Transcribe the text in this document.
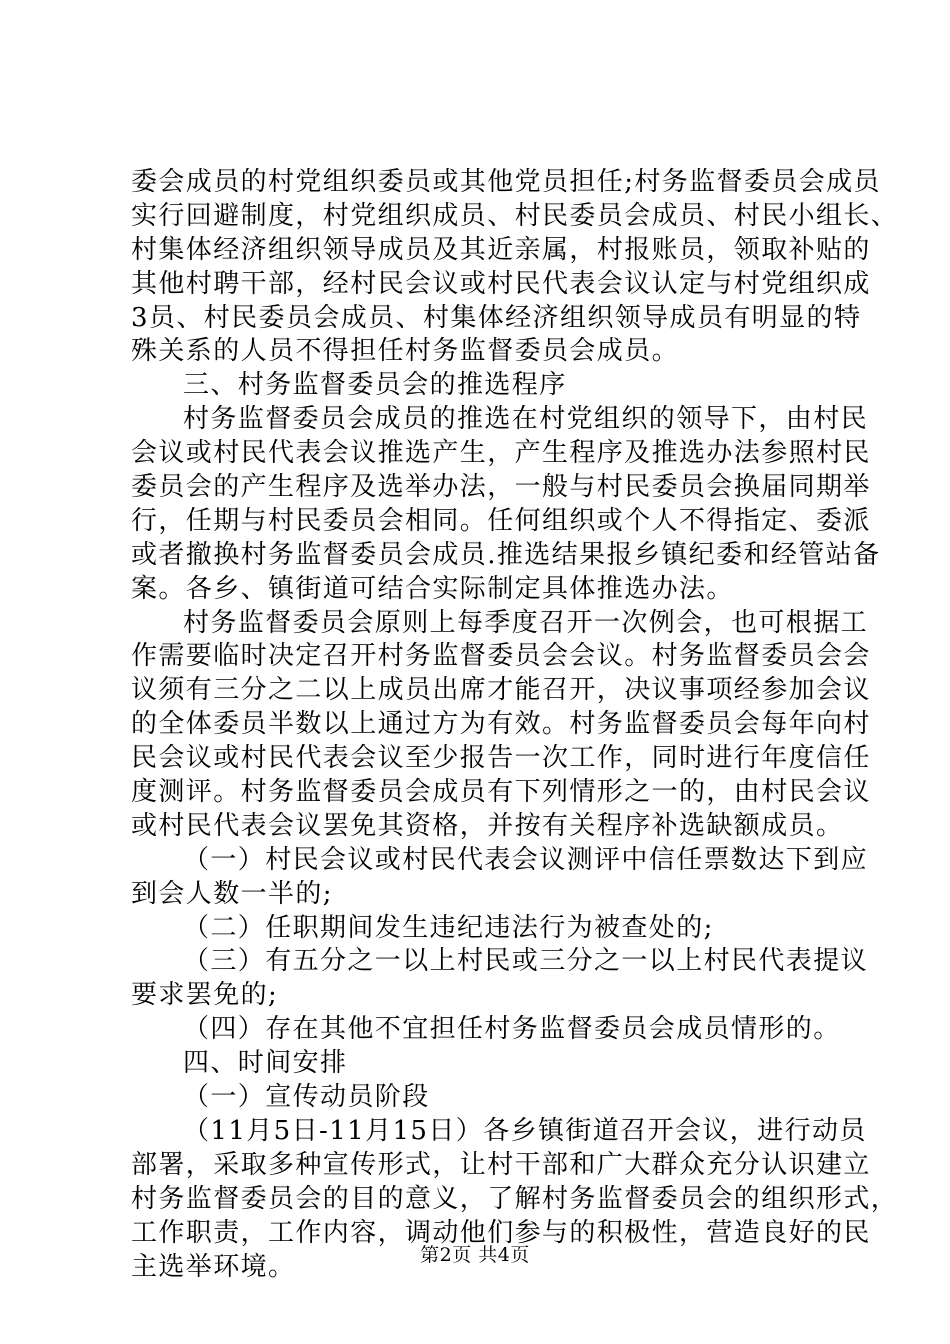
委会成员的村党组织委员或其他党员担任;村务监督委员会成员
实行回避制度，村党组织成员、村民委员会成员、村民小组长、
村集体经济组织领导成员及其近亲属，村报账员，领取补贴的
其他村聘干部，经村民会议或村民代表会议认定与村党组织成
3员、村民委员会成员、村集体经济组织领导成员有明显的特
殊关系的人员不得担任村务监督委员会成员。
三、村务监督委员会的推选程序
村务监督委员会成员的推选在村党组织的领导下，由村民
会议或村民代表会议推选产生，产生程序及推选办法参照村民
委员会的产生程序及选举办法，一般与村民委员会换届同期举
行，任期与村民委员会相同。任何组织或个人不得指定、委派
或者撤换村务监督委员会成员.推选结果报乡镇纪委和经管站备
案。各乡、镇街道可结合实际制定具体推选办法。
村务监督委员会原则上每季度召开一次例会，也可根据工
作需要临时决定召开村务监督委员会会议。村务监督委员会会
议须有三分之二以上成员出席才能召开，决议事项经参加会议
的全体委员半数以上通过方为有效。村务监督委员会每年向村
民会议或村民代表会议至少报告一次工作，同时进行年度信任
度测评。村务监督委员会成员有下列情形之一的，由村民会议
或村民代表会议罢免其资格，并按有关程序补选缺额成员。
（一）村民会议或村民代表会议测评中信任票数达下到应
到会人数一半的;
（二）任职期间发生违纪违法行为被查处的;
（三）有五分之一以上村民或三分之一以上村民代表提议
要求罢免的;
（四）存在其他不宜担任村务监督委员会成员情形的。
四、时间安排
（一）宣传动员阶段
（11月5日-11月15日）各乡镇街道召开会议，进行动员
部署，采取多种宣传形式，让村干部和广大群众充分认识建立
村务监督委员会的目的意义，了解村务监督委员会的组织形式，
工作职责，工作内容，调动他们参与的积极性，营造良好的民
主选举环境。	第2页 共4页
